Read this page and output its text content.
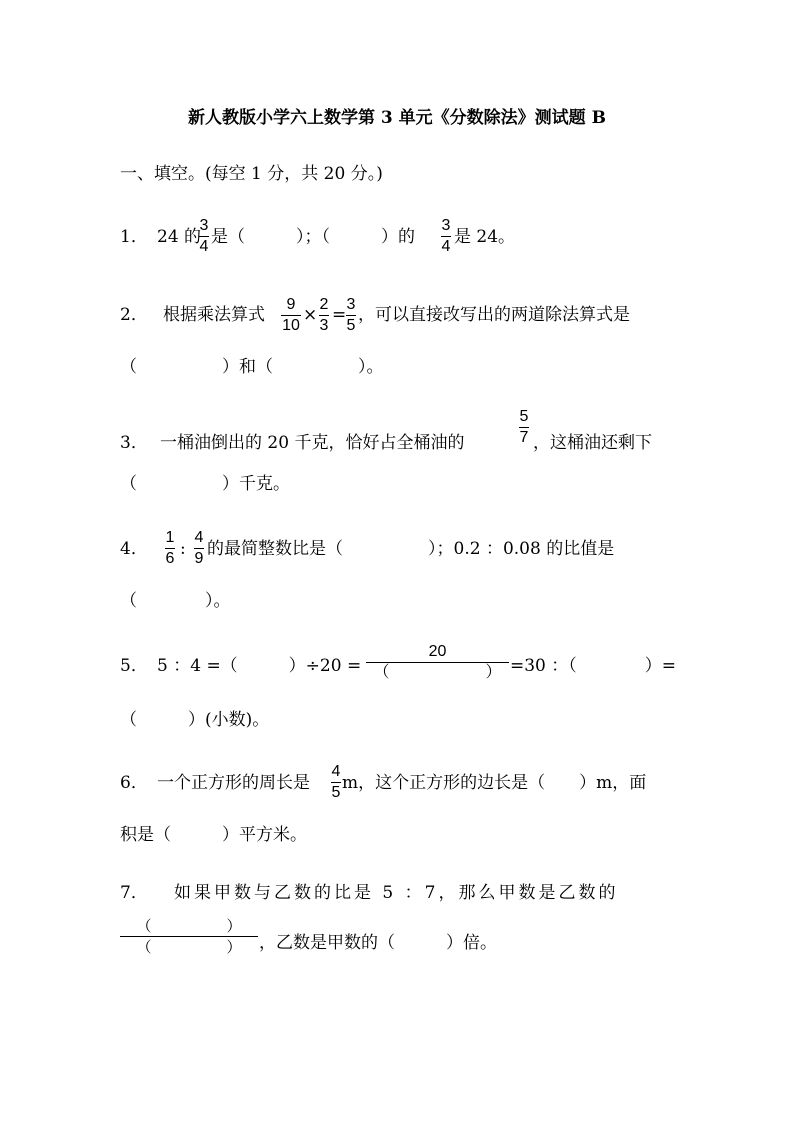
新人教版小学六上数学第 3 单元《分数除法》测试题 B
一、填空。(每空 1 分，共 20 分。)
1． 24 的
3
4 是（　　　）；（　　　）的
3
4 是 24。
2． 根据乘法算式
9
10
×
2
3
=
3
5
，可以直接改写出的两道除法算式是
（　　　　　）和（　　　　　）。
3． 一桶油倒出的 20 千克，恰好占全桶油的
5
7 ，这桶油还剩下
（　　　　　）千克。
4．
1
6 :
4
9 的最简整数比是（　　　　　）；0.2 ：0.08 的比值是
（　　　　）。
5． 5 ：4 =（　　　）÷20 =
20
（　　　　　　） =30 ：（　　　　）=
（　　　）(小数)。
6． 一个正方形的周长是
4
5 m，这个正方形的边长是（　　）m，面
积是（　　　）平方米。
7． 如果甲数与乙数的比是 5 ：7，那么甲数是乙数的
（　　　　　）
（　　　　　）	，乙数是甲数的（　　　）倍。
